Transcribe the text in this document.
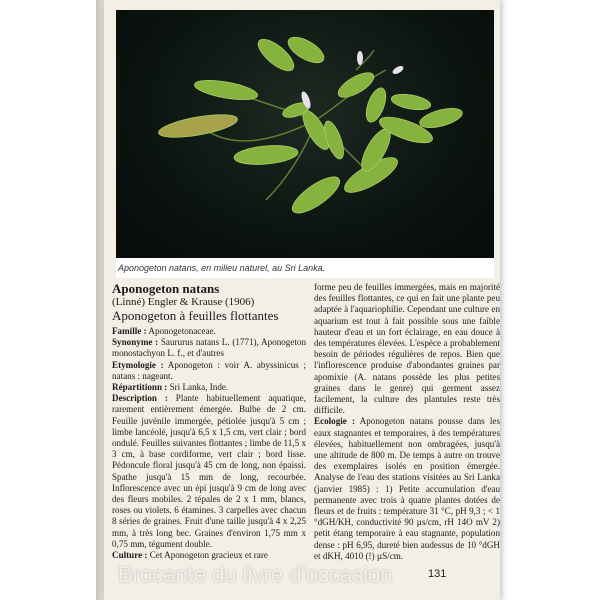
Aponogeton natans, en milieu naturel, au Sri Lanka.
Aponogeton natans
(Linné) Engler & Krause (1906)
Aponogeton à feuilles flottantes

Famille : Aponogetonaceae.

Synonyme : Saururus natans L. (1771), Aponogeton monostachyon L. f., et d'autres

Etymologie : Aponogeton : voir A. abyssinicus ; natans : nageant.

Répartitionn : Sri Lanka, Inde.

Description : Plante habituellement aquatique, rarement entièrement émergée. Bulbe de 2 cm. Feuille juvénile immergée, pétiolée jusqu'à 5 cm ; limbe lancéolé, jusqu'à 6,5 x 1,5 cm, vert clair ; bord ondulé. Feuilles suivantes flottantes ; limbe de 11,5 x 3 cm, à base cordiforme, vert clair ; bord lisse. Pédoncule floral jusqu'à 45 cm de long, non épaissi. Spathe jusqu'à 15 mm de long, recourbée. Inflorescence avec un épi jusqu'à 9 cm de long avec des fleurs mobiles. 2 tépales de 2 x 1 mm, blancs, roses ou violets. 6 étamines. 3 carpelles avec chacun 8 séries de graines. Fruit d'une taille jusqu'à 4 x 2,25 mm, à très long bec. Graines d'environ 1,75 mm x 0,75 mm, tégument double.

Culture : Cet Aponogeton gracieux et rare

forme peu de feuilles immergées, mais en majorité des feuilles flottantes, ce qui en fait une plante peu adaptée à l'aquariophilie. Cependant une culture en aquarium est tout à fait possible sous une faible hauteur d'eau et un fort éclairage, en eau douce à des températures élevées. L'espèce a probablement besoin de périodes régulières de repos. Bien que l'inflorescence produise d'abondantes graines par apomixie (A. natans possède les plus petites graines dans le genre) qui germent assez facilement, la culture des plantules reste très difficile.

Ecologie : Aponogeton natans pousse dans les eaux stagnantes et temporaires, à des températures élevées, habituellement non ombragées, jusqu'à une altitude de 800 m. De temps à autre on trouve des exemplaires isolés en position émergée. Analyse de l'eau des stations visitées au Sri Lanka (janvier 1985) : 1) Petite accumulation d'eau permanente avec trois à quatre plantes dotées de fleurs et de fruits : température 31 °C, pH 9,3 ; < 1 °dGH/KH, conductivité 90 µs/cm, rH 14O mV 2) petit étang temporaire à eau stagnante, population dense : pH 6,95, dureté bien audessus de 10 °dGH et dKH, 4010 (!) µS/cm.

131
Brocante du livre d'occasion
